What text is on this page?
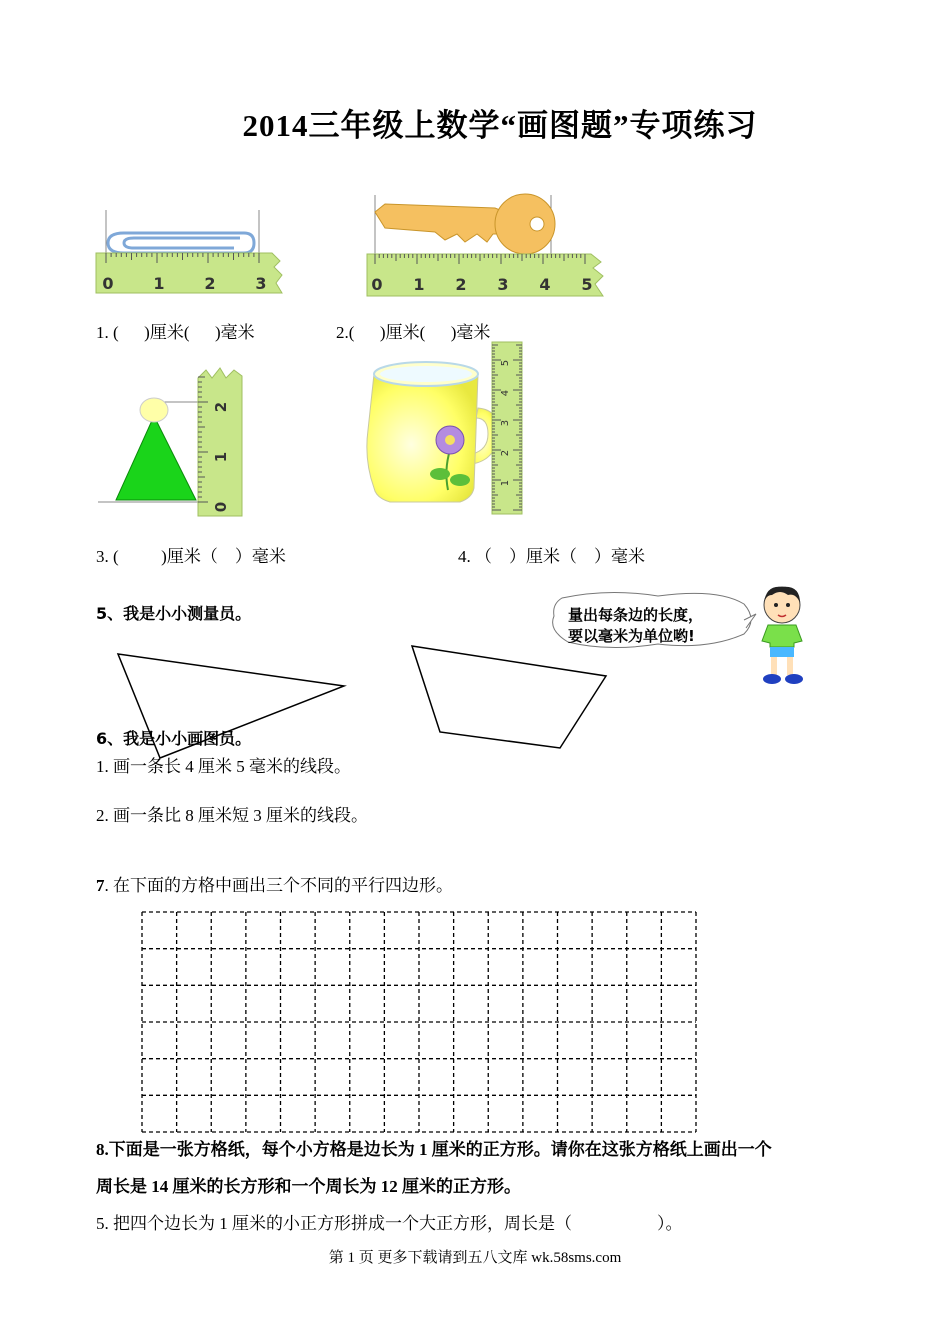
2014三年级上数学“画图题”专项练习
0 1 2 3	0 1 2 3 4 5
1. (      )厘米(      )毫米	2.(      )厘米(      )毫米
0
1
2
1
2
3
4
5
3. (          )厘米（    ）毫米	4. （    ）厘米（    ）毫米
5、我是小小测量员。	量出每条边的长度，
要以毫米为单位哟!
6、我是小小画图员。
1. 画一条长 4 厘米 5 毫米的线段。
2. 画一条比 8 厘米短 3 厘米的线段。
7. 在下面的方格中画出三个不同的平行四边形。
8.下面是一张方格纸，每个小方格是边长为 1 厘米的正方形。请你在这张方格纸上画出一个
周长是 14 厘米的长方形和一个周长为 12 厘米的正方形。
5. 把四个边长为 1 厘米的小正方形拼成一个大正方形，周长是（                    ）。
第 1 页 更多下载请到五八文库 wk.58sms.com
